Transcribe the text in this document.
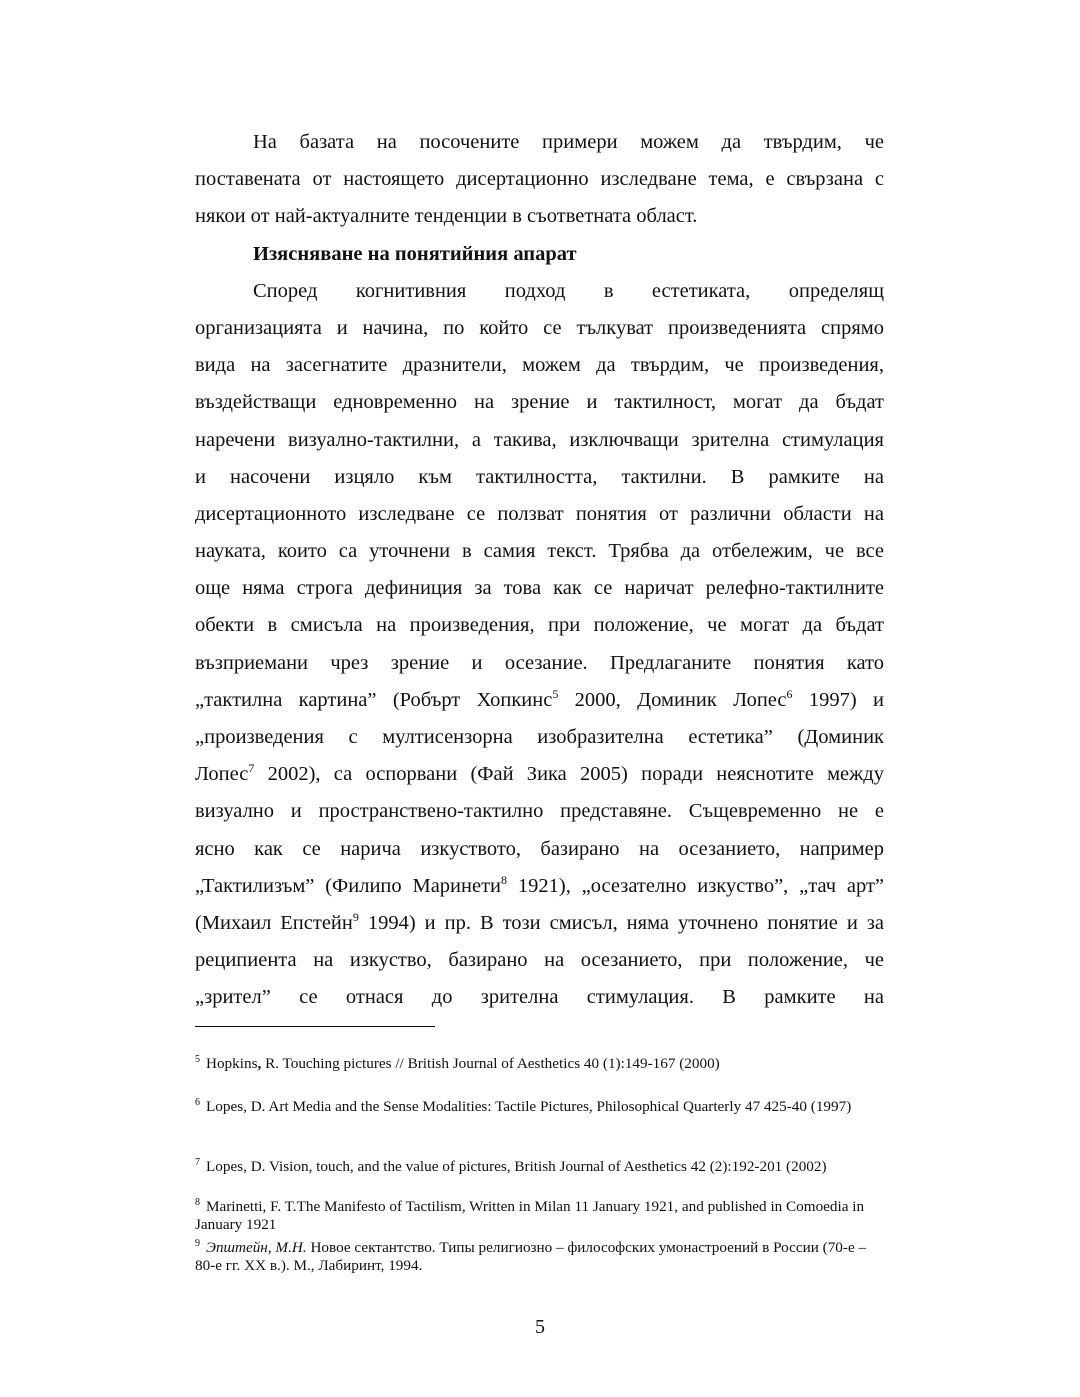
На базата на посочените примери можем да твърдим, че
поставената от настоящето дисертационно изследване тема, е свързана с
някои от най-актуалните тенденции в съответната област.
Изясняване на понятийния апарат
Според когнитивния подход в естетиката, определящ
организацията и начина, по който се тълкуват произведенията спрямо
вида на засегнатите дразнители, можем да твърдим, че произведения,
въздействащи едновременно на зрение и тактилност, могат да бъдат
наречени визуално-тактилни, а такива, изключващи зрителна стимулация
и насочени изцяло към тактилността, тактилни. В рамките на
дисертационното изследване се ползват понятия от различни области на
науката, които са уточнени в самия текст. Трябва да отбележим, че все
още няма строга дефиниция за това как се наричат релефно-тактилните
обекти в смисъла на произведения, при положение, че могат да бъдат
възприемани чрез зрение и осезание. Предлаганите понятия като
„тактилна картина” (Робърт Хопкинс$^5$ 2000, Доминик Лопес$^6$ 1997) и
„произведения с мултисензорна изобразителна естетика” (Доминик
Лопес$^7$ 2002), са оспорвани (Фай Зика 2005) поради неяснотите между
визуално и пространствено-тактилно представяне. Същевременно не е
ясно как се нарича изкуството, базирано на осезанието, например
„Тактилизъм” (Филипо Маринети$^8$ 1921), „осезателно изкуство”, „тач арт”
(Михаил Епстейн$^9$ 1994) и пр. В този смисъл, няма уточнено понятие и за
реципиента на изкуство, базирано на осезанието, при положение, че
„зрител” се отнася до зрителна стимулация. В рамките на
$^5$ Hopkins, R. Touching pictures // British Journal of Aesthetics 40 (1):149-167 (2000)
$^6$ Lopes, D. Art Media and the Sense Modalities: Tactile Pictures, Philosophical Quarterly 47 425-40 (1997)
$^7$ Lopes, D. Vision, touch, and the value of pictures, British Journal of Aesthetics 42 (2):192-201 (2002)
$^8$ Marinetti, F. T.The Manifesto of Tactilism, Written in Milan 11 January 1921, and published in Comoedia in January 1921
$^9$ Эпштейн, М.Н. Новое сектантство. Типы религиозно – философских умонастроений в России (70-е – 80-е гг. XX в.). М., Лабиринт, 1994.
5
